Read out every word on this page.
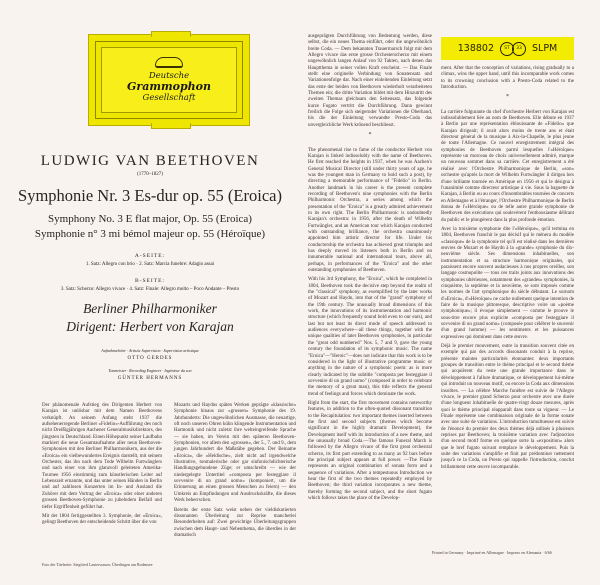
Deutsche
Grammophon
Gesellschaft
LUDWIG VAN BEETHOVEN
(1770–1827)
Symphonie Nr. 3 Es-dur op. 55 (Eroica)
Symphony No. 3 E flat major, Op. 55 (Eroica)
Symphonie n° 3 mi bémol majeur op. 55 (Héroïque)
A-SEITE:
1. Satz: Allegro con brio · 2. Satz: Marcia funebre: Adagio assai
B-SEITE:
3. Satz: Scherzo: Allegro vivace · 4. Satz: Finale: Allegro molto – Poco Andante – Presto
Berliner Philharmoniker
Dirigent: Herbert von Karajan
Aufnahmeleiter · Artistic Supervision · Supervision artistique
OTTO GERDES
Tonmeister · Recording Engineer · Ingénieur du son
GÜNTER HERMANNS

Der phänomenale Aufstieg des Dirigenten Herbert von Karajan ist unlösbar mit dem Namen Beethovens verknüpft. An seinem Anfang steht 1937 die aufsehenerregende Berliner »Fidelio«-Aufführung des noch nicht Dreißigjährigen Aachener Generalmusikdirektors, des jüngsten in Deutschland. Einen Höhepunkt seiner Laufbahn markiert die neue Gesamtaufnahme aller neun Beethoven-Symphonien mit den Berliner Philharmonikern, aus der die »Eroica« ein vielbewundertes Ereignis darstellt, mit seinem Orchester, das ihn nach dem Tode Wilhelm Furtwänglers und nach einer von ihm glanzvoll geleiteten Amerika-Tournee 1956 einstimmig zum künstlerischen Leiter auf Lebenszeit ernannte, und das unter seinen Händen in Berlin und auf zahllosen Konzerten im In- und Ausland die Zuhörer mit dem Vortrag der »Eroica« oder einer anderen grossen Beethoven-Symphonie zu jubelndem Beifall und tiefer Ergriffenheit geführt hat.

Mit der 1804 fertiggestellten 3. Symphonie, der »Eroica«, gelingt Beethoven der entscheidende Schritt über die von

Mozarts und Haydns späten Werken geprägte »klassische« Symphonie hinaus zur »grossen« Symphonie des 19. Jahrhunderts: Die ungewöhnlichen Ausmasse, die neuartige, oft noch unseren Ohren kühn klingende Instrumentation und Harmonik und nicht zuletzt ihre welteingreifende Sprache — sie haben, im Verein mit den späteren Beethoven-Symphonien, vor allem den »grossen«, der 5., 7. und 9., dem jungen Jahrhundert die Maßstäbe gegeben. Der Beiname »Eroica«, die »Heldische«, zielt nicht auf irgendwelche illustrative, tonmalerische oder gar sinfonischdichterische Handlungsgebundene Züge; er umschreibt — wie der niedergelegte Untertitel »composta per festeggiare il sovvenire di un grand uomo« (komponiert, um die Erinnerung an einen grossen Menschen zu feiern) — den Umkreis an Empfindungen und Ausdruckskräfte, die dieses Werk beherrschen.

Bereits der erste Satz weist neben der vieldiskutierten dissonanten Überleitung zur Reprise mancherlei Besonderheiten auf: Zwei gewichtige Überleitungsgruppen zwischen dem Haupt- und Nebenthema, die überdies in der dramatisch

ausgeprägten Durchführung von Bedeutung werden, diese selbst, die ein neues Thema einführt, oder die ungewöhnlich breite Coda. — Dem bekannten Trauermarsch folgt mit dem Allegro vivace das erste grosse Orchesterscherzo mit einem ungewöhnlich langen Anlauf von 92 Takten, nach denen das Hauptthema in seiner vollen Kraft erscheint. — Das Finale stellt eine originelle Verbindung von Sonatensatz und Variationenfolge dar. Nach einer einleitenden Einleitung setzt das erste der beiden von Beethoven wiederholt verarbeiteten Themen ein; die dritte Variation bildet mit dem Hinzutritt des zweiten Themas gleichsam den Seitensatz, das folgende kurze Fugato vertritt die Durchführung. Dann gewinnt freilich die Folge sich steigernder Variationen die Oberhand, bis die der Einleitung verwandte Presto-Coda das unvergleichliche Werk krönend beschliesst.

*

The phenomenal rise to fame of the conductor Herbert von Karajan is linked indissolubly with the name of Beethoven. He first reached the heights in 1937, when he was Aachen's General Musical Director (still under thirty years of age, he was the youngest man in Germany to hold such a post), by directing a memorable performance of "Fidelio" in Berlin. Another landmark in his career is the present complete recording of Beethoven's nine symphonies with the Berlin Philharmonic Orchestra, a series among which the presentation of the "Eroica" is a greatly admired achievement in its own right. The Berlin Philharmonic is undoubtedly Karajan's orchestra: in 1956, after the death of Wilhelm Furtwängler, and an American tour which Karajan conducted with outstanding brilliance, the orchestra unanimously appointed him artistic director for life. Under his conductorship the orchestra has achieved great triumphs and has deeply moved its listeners both in Berlin and on innumerable national and international tours, above all, perhaps, in performances of the "Eroica" and the other outstanding symphonies of Beethoven.

With his 3rd Symphony, the "Eroica", which he completed in 1804, Beethoven took the decisive step beyond the realm of the "classical" symphony, as exemplified by the later works of Mozart and Haydn, into that of the "grand" symphony of the 19th century. The unusually broad dimensions of this work, the innovations of its instrumentation and harmonic structure (which frequently sound bold even to our ears), and last but not least its direct mode of speech addressed to audiences everywhere—all these things, together with the unique qualities of later Beethoven symphonies, in particular the "great odd numbered" Nos. 5, 7 and 9, gave the young century the foundation of its symphonic music. The name "Eroica"—"Heroic"—does not indicate that this work is to be considered in the light of illustrative programme music or anything in the nature of a symphonic poem: as is more clearly indicated by the subtitle "composta per festeggiare il sovvenire di un grand uomo" (composed in order to celebrate the memory of a great man), this title reflects the general trend of feelings and forces which dominate the work.

Right from the start, the first movement contains noteworthy features, in addition to the often-quoted dissonant transition to the Recapitulation: two important themes inserted between the first and second subjects (themes which become significant in the highly dramatic Development), the Development itself with its introduction of a new theme, and the unusually broad Coda.—The famous Funeral March is followed by the Allegro vivace of the first great orchestral scherzo, its first part extending to as many as 92 bars before the principal subject appears at full power. —The Finale represents an original combination of sonata form and a sequence of variations. After a tempestuous Introduction we hear the first of the two themes repeatedly employed by Beethoven; the third variation incorporates a new theme, thereby forming the second subject, and the short fugato which follows takes the place of the Develop-

138802	ST	33	SLPM

ment. After that the conception of variations, rising gradually to a climax, wins the upper hand, until this incomparable work comes to its crowning conclusion with a Presto-Coda related to the Introduction.

*

La carrière fulgurante du chef d'orchestre Herbert von Karajan est indissolublement liée au nom de Beethoven. Elle débute en 1937 à Berlin par une représentation éblouissante de «Fidelio» que Karajan dirigeait; il avait alors moins de trente ans et était directeur général de la musique à Aix-la-Chapelle, le plus jeune de toute l'Allemagne. Ce nouvel enregistrement intégral des symphonies de Beethoven parmi lesquelles l'«Héroïque» représente un morceau de choix universellement admiré, marque un nouveau sommet dans sa carrière. Cet enregistrement a été réalisé avec l'Orchestre Philharmonique de Berlin, «son» orchestre qu'après la mort de Wilhelm Furtwängler il dirigea lors d'une brillante tournée en Amérique en 1956 et qui le désigna à l'unanimité comme directeur artistique à vie. Sous la baguette de Karajan, à Berlin ou au cours d'innombrables tournées de concerts en Allemagne et à l'étranger, l'Orchestre Philharmonique de Berlin donna de l'«Héroïque» ou de telle autre grande symphonie de Beethoven des exécutions qui soulevèrent l'enthousiasme délirant du public et le plongèrent dans la plus profonde émotion.

Avec la troisième symphonie dite l'«Héroïque», qu'il termina en 1804, Beethoven franchit le pas décisif qui le mènera du modèle «classique» de la symphonie tel qu'il est réalisé dans les dernières œuvres de Mozart et de Haydn à la «grande» symphonie du dix-neuvième siècle. Ses dimensions inhabituelles, son instrumentation et sa structure harmonique originales, qui paraissent encore souvent audacieuses à nos propres oreilles, son langage cosmopolite — tous ces traits joints aux innovations des symphonies ultérieures, notamment des «grandes» symphonies, la cinquième, la septième et la neuvième, se sont imposés comme les normes de l'art symphonique du siècle débutant. Le surnom d'«Eroica», d'«Héroïque» ne cache nullement quelque intention de faire de la musique pittoresque, descriptive voire un «poème symphonique»; il évoque simplement — comme le prouve le sous-titre encore plus explicite «composta per festeggiare il sovvenire di un grand uomo» (composée pour célébrer le souvenir d'un grand homme) — les sentiments et les puissances expressives qui dominent dans cette œuvre.

Déjà le premier mouvement, outre la transition souvent citée en exemple qui par des accords dissonants conduit à la reprise, présente maintes particularités étonnantes: deux importants groupes de transition entre le thème principal et le second thème qui acquièrent du reste une grande importance dans le développement à l'allure dramatique, ce développement lui-même qui introduit un nouveau motif, ou encore la Coda aux dimensions insolites. — La célèbre Marche funèbre est suivie de l'Allegro vivace, le premier grand Scherzo pour orchestre avec une durée d'une longueur inhabituelle de quatre-vingt douze mesures, après quoi le thème principal réapparaît dans toute sa vigueur. — Le Finale représente une combinaison originale de la forme sonate avec une suite de variations. L'introduction tumultueuse est suivie de l'énoncé du premier des deux thèmes déjà utilisés à plusieurs reprises par Beethoven; la troisième variation avec l'adjonction d'un second motif forme en quelque sorte la «exposition» alors que le bref fugato suivant remplace le développement. Puis la suite des variations s'amplifie et finit par prédominer nettement jusqu'à ce la Coda, un Presto qui rappelle l'introduction, conclut brillamment cette œuvre incomparable.

Foto der Titelseite: Siegfried Lauterwasser, Überlingen am Bodensee
Printed in Germany · Imprimé en Allemagne · Impreso en Alemania · 6/66
